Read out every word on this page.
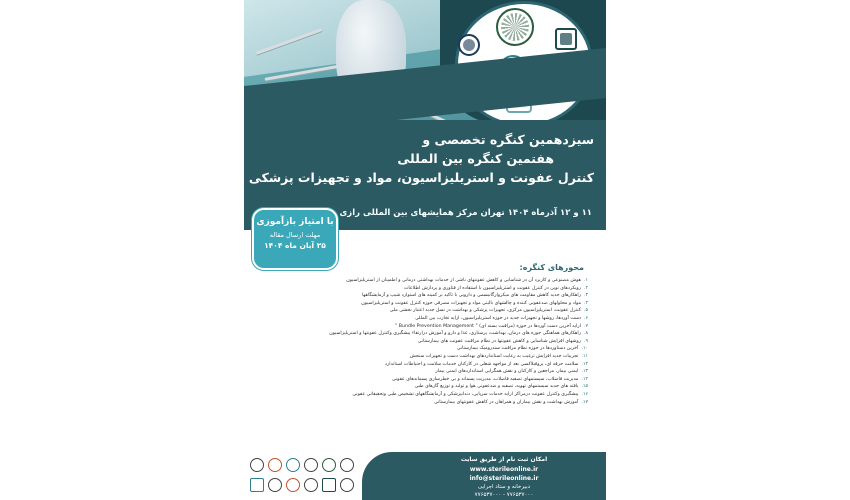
سیزدهمین کنگره تخصصی و
هفتمین کنگره بین المللی
کنترل عفونت و استریلیزاسیون، مواد و تجهیزات پزشکی
۱۱ و ۱۲ آذرماه ۱۴۰۴ تهران مرکز همایشهای بین المللی رازی
با امتیاز بازآموزی
مهلت ارسال مقاله
۲۵ آبان ماه ۱۴۰۴
محورهای کنگره:
۱.هوش مصنوعی و کاربرد آن در شناسایی و کاهش عفونتهای ناشی از خدمات بهداشتی درمانی و اطمینان از استریلیزاسیون
۲.رویکردهای نوین در کنترل عفونت و استریلیزاسیون با استفاده از فناوری و پردازش اطلاعات
۳.راهکارهای جدید کاهش مقاومت های میکروارگانیسمی و دارویی با تاکید بر کمیته های استوارد شیپ و آزمایشگاهها
۴.مواد و محلولهای ضدعفونی کننده و چالشهای بالینی مواد و تجهیزات مصرفی حوزه کنترل عفونت و استریلیزاسیون
۵.کنترل عفونت، استریلیزاسیون مرکزی، تجهیزات پزشکی و بهداشت در نسل جدید اعتبار بخشی ملی
۶.دست آوردها، روشها و تجهیزات جدید در حوزه استریلیزاسیون، ارایه تجارب بین المللی
۷.ارایه آخرین دست آوردها در حوزه (مراقبت بسته ای) " Bundle Prevention Management "
۸.راهکارهای هماهنگی حوزه های درمان، بهداشت، پرستاری، غذا و دارو و آموزش درارتقاء پیشگیری وکنترل عفونتها و استریلیزاسیون
۹.روشهای افزایش شناسایی و کاهش عفونتها در نظام مراقبت عفونت های بیمارستانی
۱۰.آخرین دستاوردها در حوزه نظام مراقبت سندرومیک بیمارستانی
۱۱.تجربیات جدید افزایش ترغیب به رعایت استانداردهای بهداشت دست و تجهیزات سنجش
۱۲.سلامت حرفه ای، پروفیلاکسی بعد از مواجهه شغلی در کارکنان خدمات سلامت و احتیاطات استاندارد
۱۳.ایمنی بیمار، مراجعین و کارکنان و نقش همگرایی استانداردهای ایمنی بیمار
۱۴.مدیریت فاضلاب، سیستمهای تصفیه فاضلاب، مدیریت پسماند و بی خطرسازی پسماندهای عفونی
۱۵.یافته های جدید سیستمهای تهویه، تصفیه و ضدعفونی هوا و تولید و توزیع گازهای طبی
۱۶.پیشگیری وکنترل عفونت درمراکز ارایه خدمات سرپایی، دندانپزشکی و آزمایشگاههای تشخیص طبی وتحقیقاتی عفونی
۱۷.آموزش بهداشت و نقش بیماران و همراهان در کاهش عفونتهای بیمارستانی
امکان ثبت نام از طریق سایت
www.sterileonline.ir
info@sterileonline.ir
دبیرخانه و ستاد اجرایی
۷۷۶۵۳۷۰۰۰ - ۷۷۶۵۳۷۰۰۰
